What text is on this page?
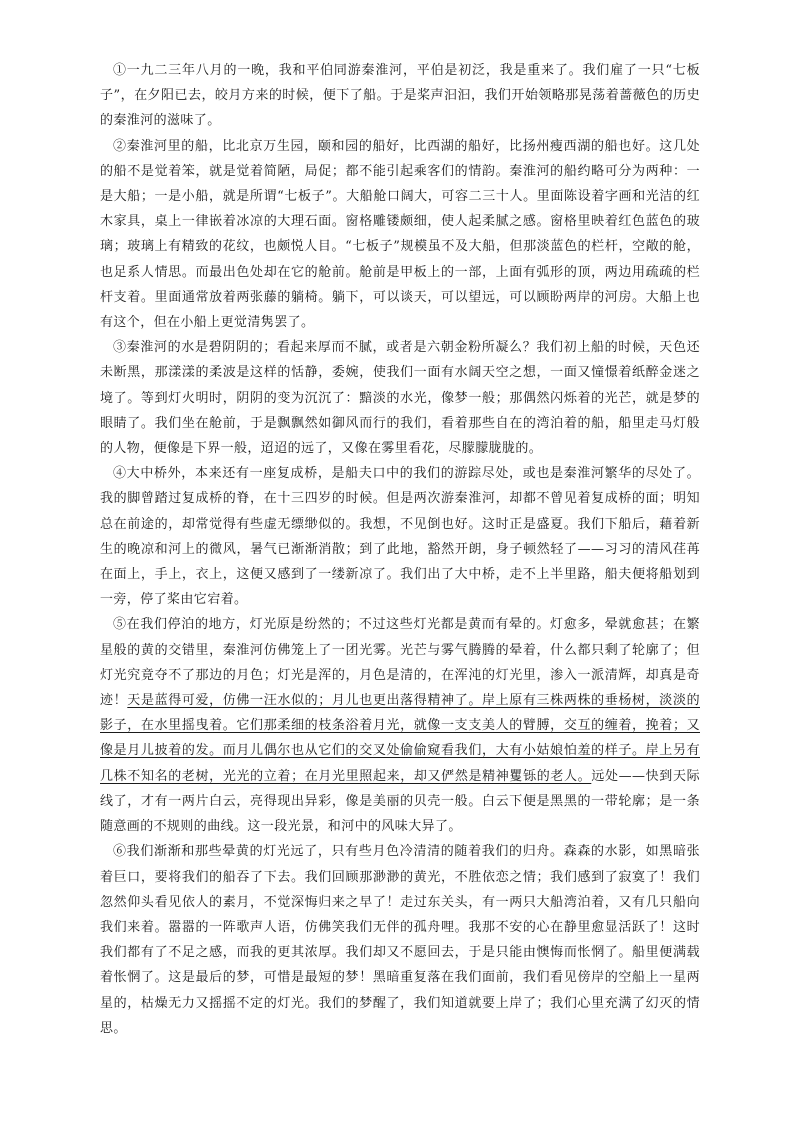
①一九二三年八月的一晚，我和平伯同游秦淮河，平伯是初泛，我是重来了。我们雇了一只“七板子”，在夕阳已去，皎月方来的时候，便下了船。于是桨声汩汩，我们开始领略那晃荡着蔷薇色的历史的秦淮河的滋味了。

②秦淮河里的船，比北京万生园，颐和园的船好，比西湖的船好，比扬州瘦西湖的船也好。这几处的船不是觉着笨，就是觉着简陋，局促；都不能引起乘客们的情韵。秦淮河的船约略可分为两种：一是大船；一是小船，就是所谓“七板子”。大船舱口阔大，可容二三十人。里面陈设着字画和光洁的红木家具，桌上一律嵌着冰凉的大理石面。窗格雕镂颇细，使人起柔腻之感。窗格里映着红色蓝色的玻璃；玻璃上有精致的花纹，也颇悦人目。“七板子”规模虽不及大船，但那淡蓝色的栏杆，空敞的舱，也足系人情思。而最出色处却在它的舱前。舱前是甲板上的一部，上面有弧形的顶，两边用疏疏的栏杆支着。里面通常放着两张藤的躺椅。躺下，可以谈天，可以望远，可以顾盼两岸的河房。大船上也有这个，但在小船上更觉清隽罢了。

③秦淮河的水是碧阴阴的；看起来厚而不腻，或者是六朝金粉所凝么？我们初上船的时候，天色还未断黑，那漾漾的柔波是这样的恬静，委婉，使我们一面有水阔天空之想，一面又憧憬着纸醉金迷之境了。等到灯火明时，阴阴的变为沉沉了：黯淡的水光，像梦一般；那偶然闪烁着的光芒，就是梦的眼睛了。我们坐在舱前，于是飘飘然如御风而行的我们，看着那些自在的湾泊着的船，船里走马灯般的人物，便像是下界一般，迢迢的远了，又像在雾里看花，尽朦朦胧胧的。

④大中桥外，本来还有一座复成桥，是船夫口中的我们的游踪尽处，或也是秦淮河繁华的尽处了。我的脚曾踏过复成桥的脊，在十三四岁的时候。但是两次游秦淮河，却都不曾见着复成桥的面；明知总在前途的，却常觉得有些虚无缥缈似的。我想，不见倒也好。这时正是盛夏。我们下船后，藉着新生的晚凉和河上的微风，暑气已渐渐消散；到了此地，豁然开朗，身子顿然轻了——习习的清风荏苒在面上，手上，衣上，这便又感到了一缕新凉了。我们出了大中桥，走不上半里路，船夫便将船划到一旁，停了桨由它宕着。

⑤在我们停泊的地方，灯光原是纷然的；不过这些灯光都是黄而有晕的。灯愈多，晕就愈甚；在繁星般的黄的交错里，秦淮河仿佛笼上了一团光雾。光芒与雾气腾腾的晕着，什么都只剩了轮廓了；但灯光究竟夺不了那边的月色；灯光是浑的，月色是清的，在浑沌的灯光里，渗入一派清辉，却真是奇迹！天是蓝得可爱，仿佛一汪水似的；月儿也更出落得精神了。岸上原有三株两株的垂杨树，淡淡的影子，在水里摇曳着。它们那柔细的枝条浴着月光，就像一支支美人的臂膊，交互的缠着，挽着；又像是月儿披着的发。而月儿偶尔也从它们的交叉处偷偷窥看我们，大有小姑娘怕羞的样子。岸上另有几株不知名的老树，光光的立着；在月光里照起来，却又俨然是精神矍铄的老人。远处——快到天际线了，才有一两片白云，亮得现出异彩，像是美丽的贝壳一般。白云下便是黑黑的一带轮廓；是一条随意画的不规则的曲线。这一段光景，和河中的风味大异了。

⑥我们渐渐和那些晕黄的灯光远了，只有些月色冷清清的随着我们的归舟。森森的水影，如黑暗张着巨口，要将我们的船吞了下去。我们回顾那渺渺的黄光，不胜依恋之情；我们感到了寂寞了！我们忽然仰头看见依人的素月，不觉深悔归来之早了！走过东关头，有一两只大船湾泊着，又有几只船向我们来着。嚣嚣的一阵歌声人语，仿佛笑我们无伴的孤舟哩。我那不安的心在静里愈显活跃了！这时我们都有了不足之感，而我的更其浓厚。我们却又不愿回去，于是只能由懊悔而怅惘了。船里便满载着怅惘了。这是最后的梦，可惜是最短的梦！黑暗重复落在我们面前，我们看见傍岸的空船上一星两星的，枯燥无力又摇摇不定的灯光。我们的梦醒了，我们知道就要上岸了；我们心里充满了幻灭的情思。
